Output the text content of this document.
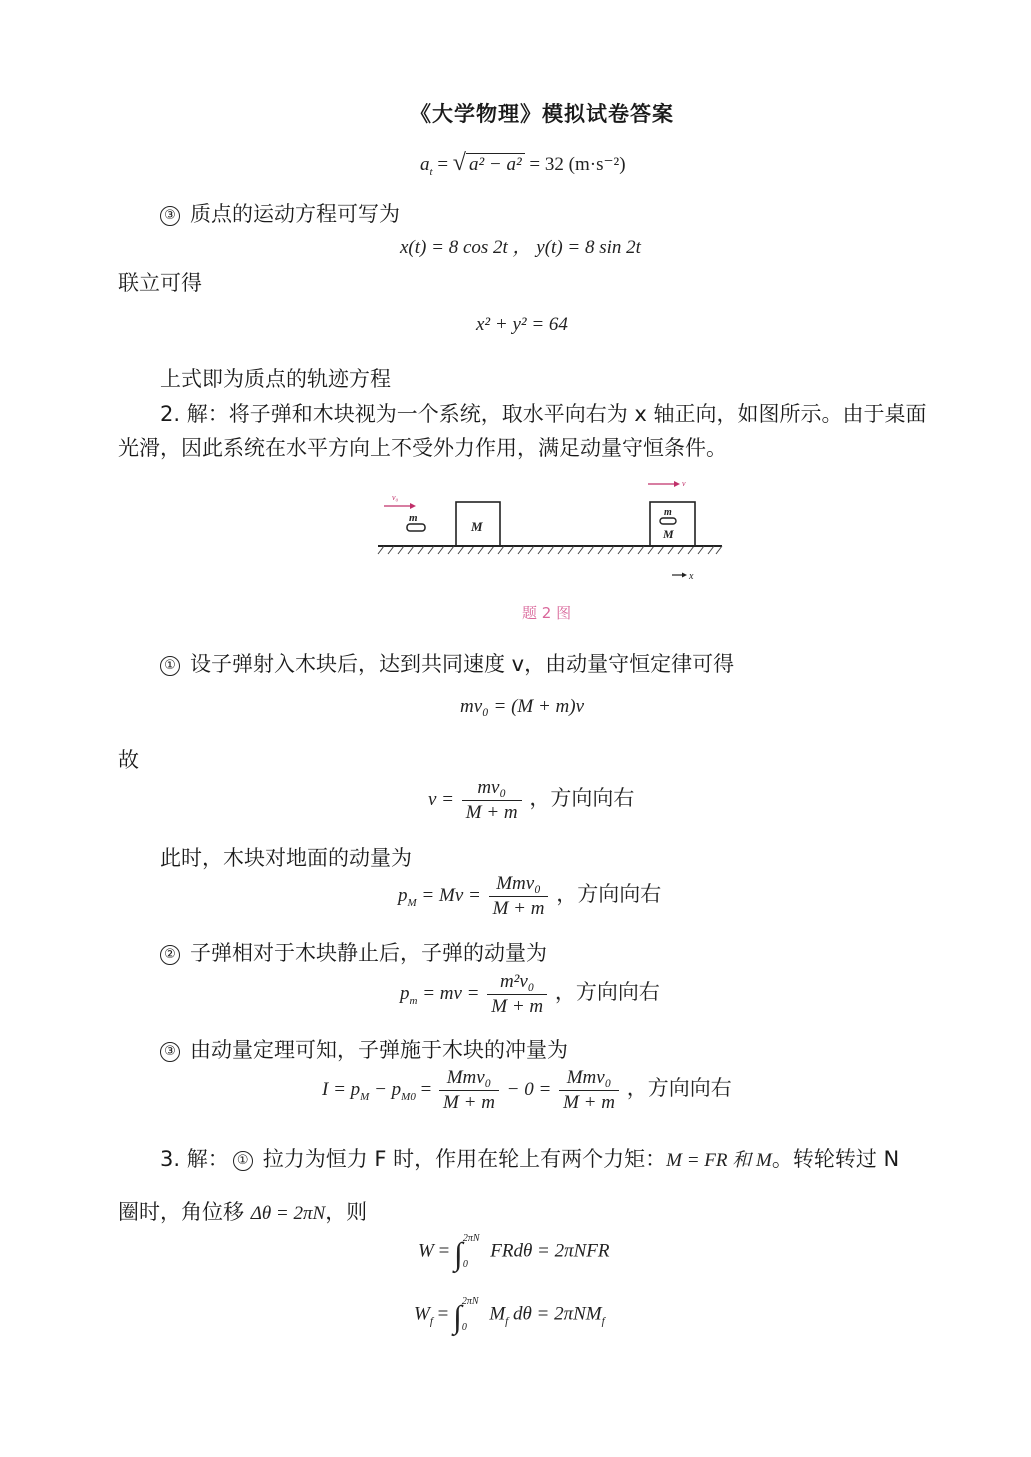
《大学物理》模拟试卷答案
$a_t$ = √ a² − a² = 32 (m·s⁻²)
③ 质点的运动方程可写为
x(t) = 8 cos 2t ， y(t) = 8 sin 2t
联立可得
x² + y² = 64
上式即为质点的轨迹方程
2. 解：将子弹和木块视为一个系统，取水平向右为 x 轴正向，如图所示。由于桌面
光滑，因此系统在水平方向上不受外力作用，满足动量守恒条件。
v₀
m
M
m
M
v
x
题 2 图
① 设子弹射入木块后，达到共同速度 v，由动量守恒定律可得
mv₀ = (M + m)v
故
$v = \frac{\text{mv₀}}{M + m}$ ，方向向右
此时，木块对地面的动量为
$p_M = Mv = \frac{\text{Mmv₀}}{M + m}$ ，方向向右
② 子弹相对于木块静止后，子弹的动量为
$p_m$ = mv = $\frac{\text{m²v₀}}{M + m}$ ，方向向右
③ 由动量定理可知，子弹施于木块的冲量为
$I = p_M - p_{M0} = \frac{\text{Mmv₀}}{M + m} - 0 = \frac{\text{Mmv₀}}{M + m}$ ，方向向右
3. 解： ① 拉力为恒力 F 时，作用在轮上有两个力矩：M = FR 和 M。转轮转过 N
圈时，角位移 Δθ = 2πN，则
W = ∫ 2πN
0
FRdθ = 2πNFR
$W_f$ = ∫ 2πN
0
$M_f$ dθ = 2πNM$_f$
